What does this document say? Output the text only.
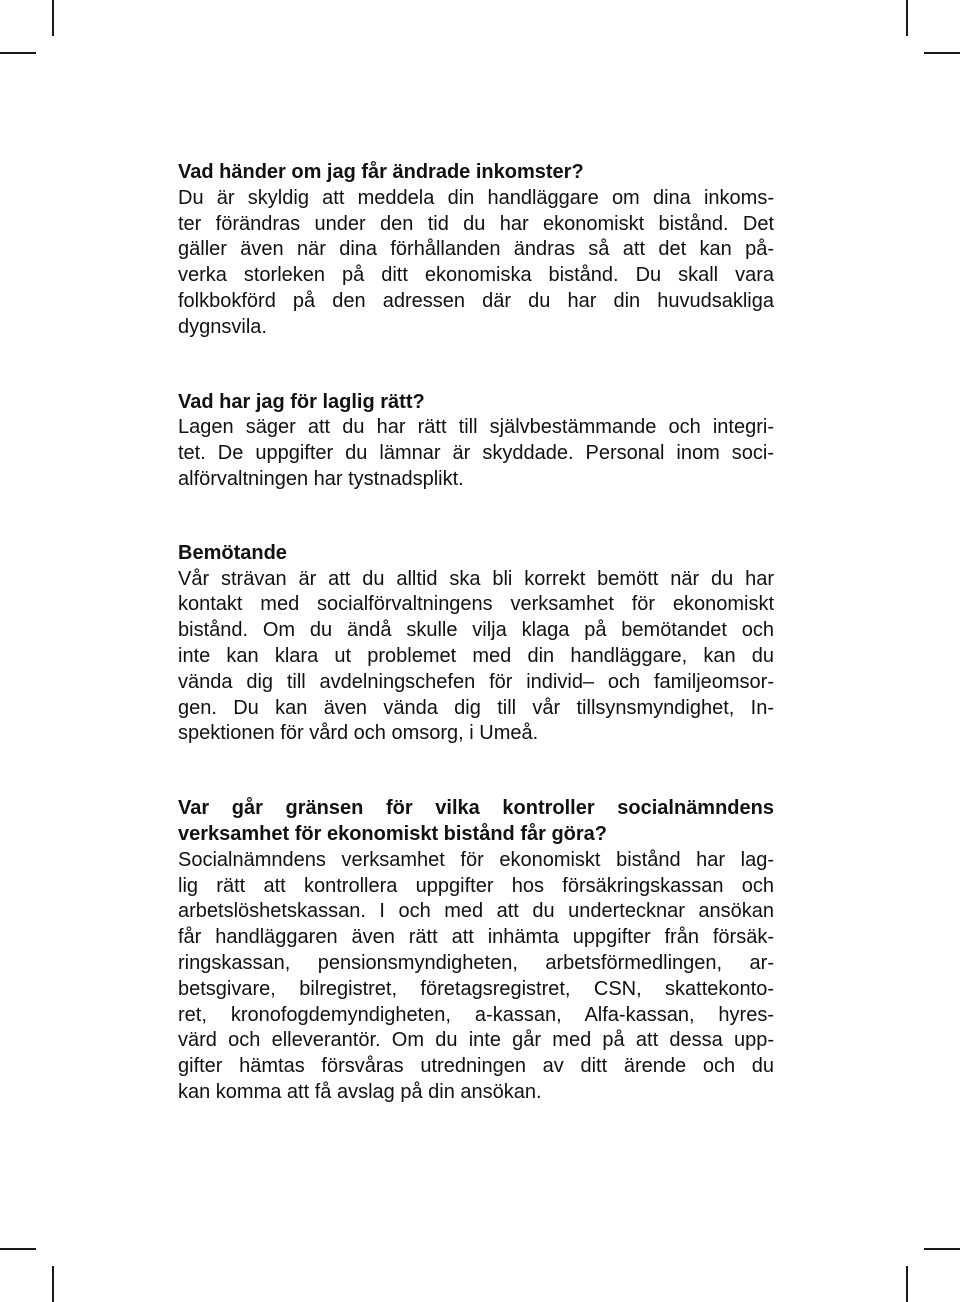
Vad händer om jag får ändrade inkomster?

Du är skyldig att meddela din handläggare om dina inkoms-

ter förändras under den tid du har ekonomiskt bistånd. Det

gäller även när dina förhållanden ändras så att det kan på-

verka storleken på ditt ekonomiska bistånd. Du skall vara

folkbokförd på den adressen där du har din huvudsakliga

dygnsvila.

Vad har jag för laglig rätt?

Lagen säger att du har rätt till självbestämmande och integri-

tet. De uppgifter du lämnar är skyddade. Personal inom soci-

alförvaltningen har tystnadsplikt.

Bemötande

Vår strävan är att du alltid ska bli korrekt bemött när du har

kontakt med socialförvaltningens verksamhet för ekonomiskt

bistånd. Om du ändå skulle vilja klaga på bemötandet och

inte kan klara ut problemet med din handläggare, kan du

vända dig till avdelningschefen för individ– och familjeomsor-

gen. Du kan även vända dig till vår tillsynsmyndighet, In-

spektionen för vård och omsorg, i Umeå.

Var går gränsen för vilka kontroller socialnämndens

verksamhet för ekonomiskt bistånd får göra?

Socialnämndens verksamhet för ekonomiskt bistånd har lag-

lig rätt att kontrollera uppgifter hos försäkringskassan och

arbetslöshetskassan. I och med att du undertecknar ansökan

får handläggaren även rätt att inhämta uppgifter från försäk-

ringskassan, pensionsmyndigheten, arbetsförmedlingen, ar-

betsgivare, bilregistret, företagsregistret, CSN, skattekonto-

ret, kronofogdemyndigheten, a-kassan, Alfa-kassan, hyres-

värd och elleverantör. Om du inte går med på att dessa upp-

gifter hämtas försvåras utredningen av ditt ärende och du

kan komma att få avslag på din ansökan.
